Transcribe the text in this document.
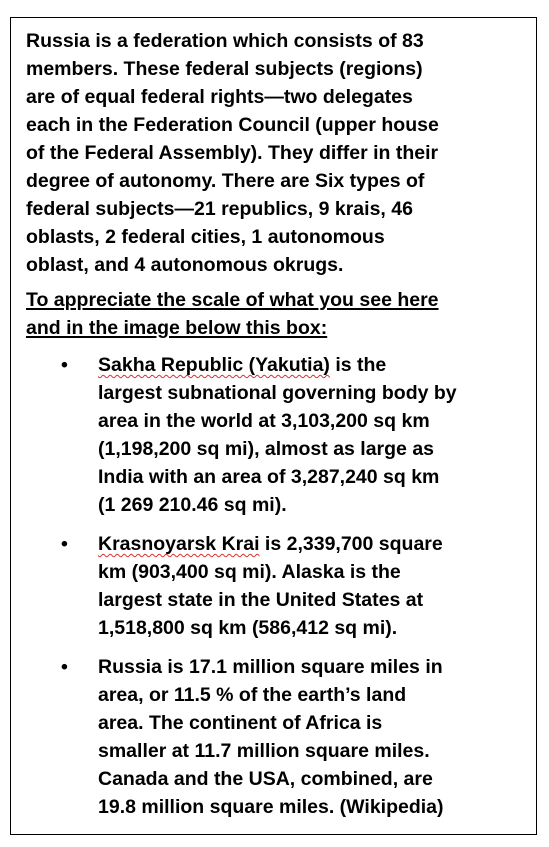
Russia is a federation which consists of 83
members. These federal subjects (regions)
are of equal federal rights—two delegates
each in the Federation Council (upper house
of the Federal Assembly). They differ in their
degree of autonomy. There are Six types of
federal subjects—21 republics, 9 krais, 46
oblasts, 2 federal cities, 1 autonomous
oblast, and 4 autonomous okrugs.
To appreciate the scale of what you see here
and in the image below this box:
• Sakha Republic (Yakutia) is the
largest subnational governing body by
area in the world at 3,103,200 sq km
(1,198,200 sq mi), almost as large as
India with an area of 3,287,240 sq km
(1 269 210.46 sq mi).
• Krasnoyarsk Krai is 2,339,700 square
km (903,400 sq mi). Alaska is the
largest state in the United States at
1,518,800 sq km (586,412 sq mi).
• Russia is 17.1 million square miles in
area, or 11.5 % of the earth’s land
area. The continent of Africa is
smaller at 11.7 million square miles.
Canada and the USA, combined, are
19.8 million square miles. (Wikipedia)
